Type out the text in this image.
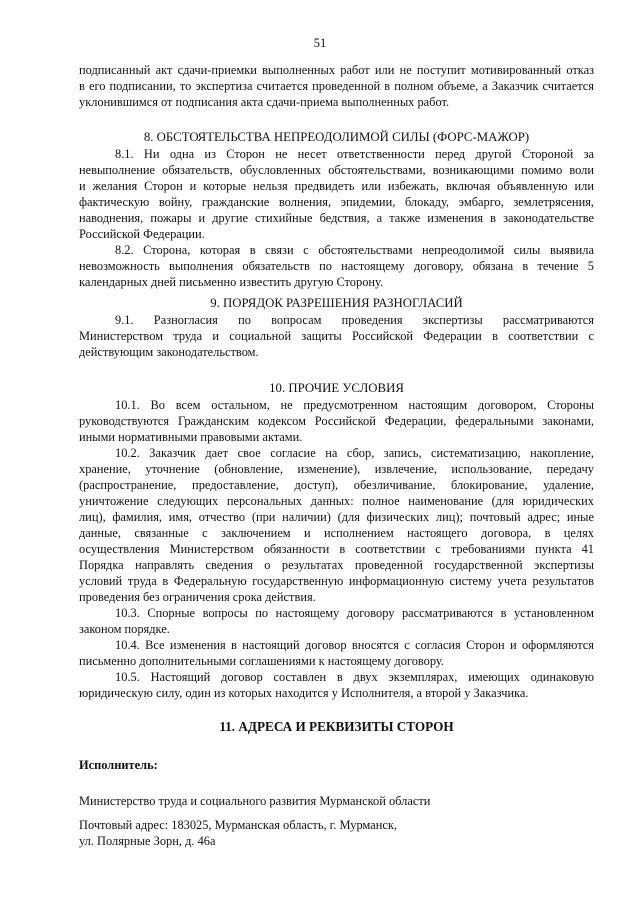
51
подписанный акт сдачи-приемки выполненных работ или не поступит мотивированный отказ
в его подписании, то экспертиза считается проведенной в полном объеме, а Заказчик считается
уклонившимся от подписания акта сдачи-приема выполненных работ.
8. ОБСТОЯТЕЛЬСТВА НЕПРЕОДОЛИМОЙ СИЛЫ (ФОРС-МАЖОР)
8.1. Ни одна из Сторон не несет ответственности перед другой Стороной за
невыполнение обязательств, обусловленных обстоятельствами, возникающими помимо воли
и желания Сторон и которые нельзя предвидеть или избежать, включая объявленную или
фактическую войну, гражданские волнения, эпидемии, блокаду, эмбарго, землетрясения,
наводнения, пожары и другие стихийные бедствия, а также изменения в законодательстве
Российской Федерации.
8.2. Сторона, которая в связи с обстоятельствами непреодолимой силы выявила
невозможность выполнения обязательств по настоящему договору, обязана в течение 5
календарных дней письменно известить другую Сторону.
9. ПОРЯДОК РАЗРЕШЕНИЯ РАЗНОГЛАСИЙ
9.1. Разногласия по вопросам проведения экспертизы рассматриваются
Министерством труда и социальной защиты Российской Федерации в соответствии с
действующим законодательством.
10. ПРОЧИЕ УСЛОВИЯ
10.1. Во всем остальном, не предусмотренном настоящим договором, Стороны
руководствуются Гражданским кодексом Российской Федерации, федеральными законами,
иными нормативными правовыми актами.
10.2. Заказчик дает свое согласие на сбор, запись, систематизацию, накопление,
хранение, уточнение (обновление, изменение), извлечение, использование, передачу
(распространение, предоставление, доступ), обезличивание, блокирование, удаление,
уничтожение следующих персональных данных: полное наименование (для юридических
лиц), фамилия, имя, отчество (при наличии) (для физических лиц); почтовый адрес; иные
данные, связанные с заключением и исполнением настоящего договора, в целях
осуществления Министерством обязанности в соответствии с требованиями пункта 41
Порядка направлять сведения о результатах проведенной государственной экспертизы
условий труда в Федеральную государственную информационную систему учета результатов
проведения без ограничения срока действия.
10.3. Спорные вопросы по настоящему договору рассматриваются в установленном
законом порядке.
10.4. Все изменения в настоящий договор вносятся с согласия Сторон и оформляются
письменно дополнительными соглашениями к настоящему договору.
10.5. Настоящий договор составлен в двух экземплярах, имеющих одинаковую
юридическую силу, один из которых находится у Исполнителя, а второй у Заказчика.
11. АДРЕСА И РЕКВИЗИТЫ СТОРОН
Исполнитель:
Министерство труда и социального развития Мурманской области
Почтовый адрес: 183025, Мурманская область, г. Мурманск,
ул. Полярные Зорн, д. 46а
